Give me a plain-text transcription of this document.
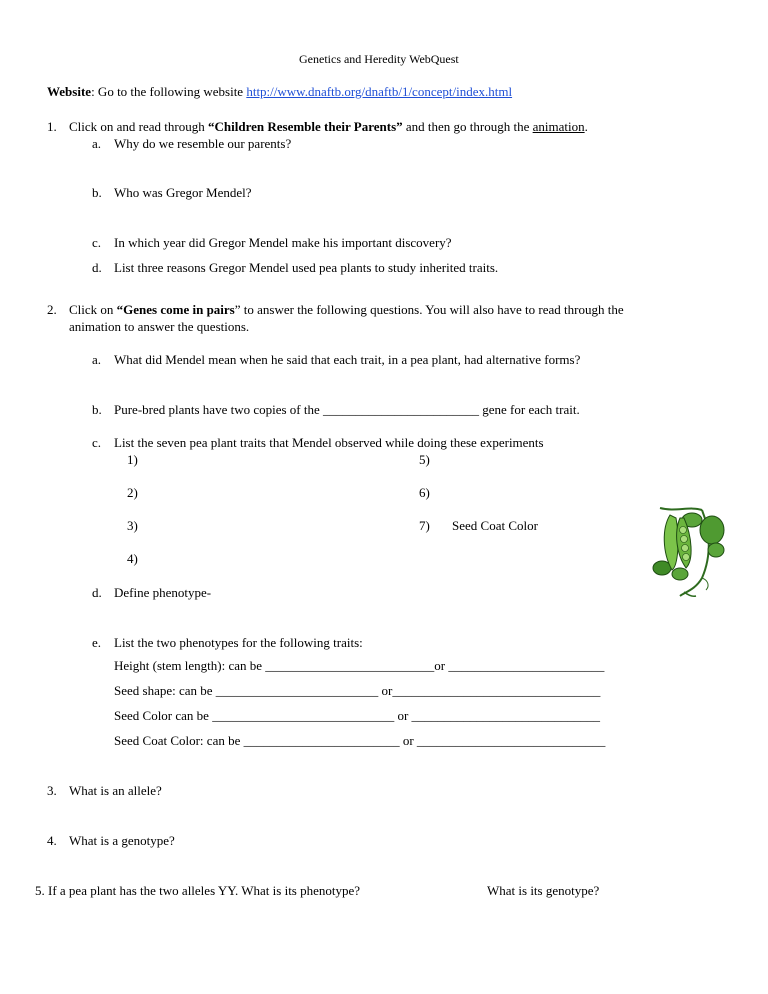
Genetics and Heredity WebQuest
Website: Go to the following website http://www.dnaftb.org/dnaftb/1/concept/index.html
1. Click on and read through “Children Resemble their Parents” and then go through the animation.
a. Why do we resemble our parents?
b. Who was Gregor Mendel?
c. In which year did Gregor Mendel make his important discovery?
d. List three reasons Gregor Mendel used pea plants to study inherited traits.
2. Click on “Genes come in pairs” to answer the following questions. You will also have to read through the
animation to answer the questions.
a. What did Mendel mean when he said that each trait, in a pea plant, had alternative forms?
b. Pure-bred plants have two copies of the ________________________ gene for each trait.
c. List the seven pea plant traits that Mendel observed while doing these experiments
1)
2)
3)
4)
5)
6)
7) Seed Coat Color
d. Define phenotype-
e. List the two phenotypes for the following traits:
Height (stem length): can be __________________________or ________________________
Seed shape: can be _________________________ or________________________________
Seed Color can be ____________________________ or _____________________________
Seed Coat Color: can be ________________________ or _____________________________
3. What is an allele?
4. What is a genotype?
5. If a pea plant has the two alleles YY. What is its phenotype?	What is its genotype?
